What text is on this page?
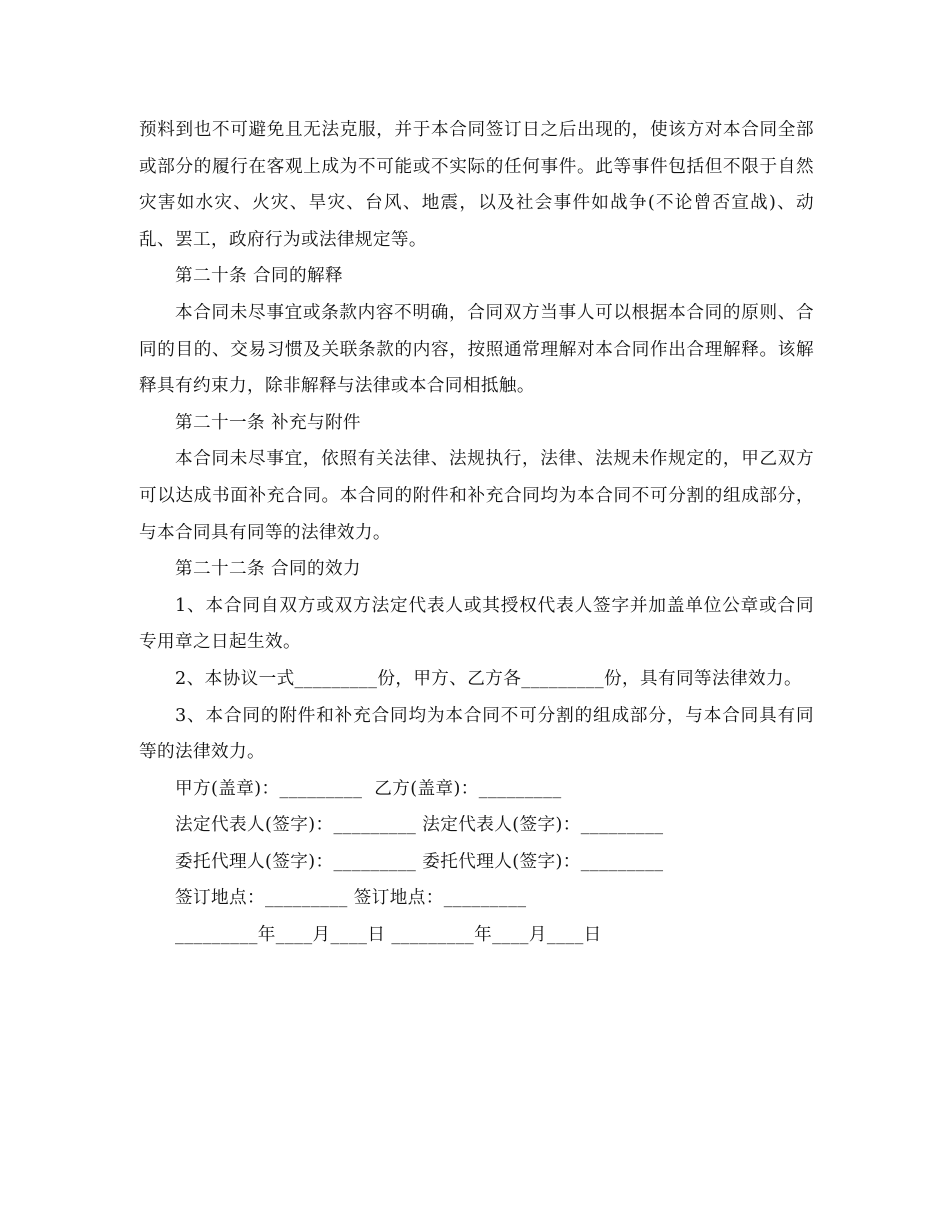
预料到也不可避免且无法克服，并于本合同签订日之后出现的，使该方对本合同全部或部分的履行在客观上成为不可能或不实际的任何事件。此等事件包括但不限于自然灾害如水灾、火灾、旱灾、台风、地震，以及社会事件如战争(不论曾否宣战)、动乱、罢工，政府行为或法律规定等。

第二十条 合同的解释

本合同未尽事宜或条款内容不明确，合同双方当事人可以根据本合同的原则、合同的目的、交易习惯及关联条款的内容，按照通常理解对本合同作出合理解释。该解释具有约束力，除非解释与法律或本合同相抵触。

第二十一条 补充与附件

本合同未尽事宜，依照有关法律、法规执行，法律、法规未作规定的，甲乙双方可以达成书面补充合同。本合同的附件和补充合同均为本合同不可分割的组成部分，与本合同具有同等的法律效力。

第二十二条 合同的效力

1、本合同自双方或双方法定代表人或其授权代表人签字并加盖单位公章或合同专用章之日起生效。

2、本协议一式_________份，甲方、乙方各_________份，具有同等法律效力。

3、本合同的附件和补充合同均为本合同不可分割的组成部分，与本合同具有同等的法律效力。

甲方(盖章)：_________  乙方(盖章)：_________

法定代表人(签字)：_________ 法定代表人(签字)：_________

委托代理人(签字)：_________ 委托代理人(签字)：_________

签订地点：_________ 签订地点：_________

_________年____月____日 _________年____月____日
